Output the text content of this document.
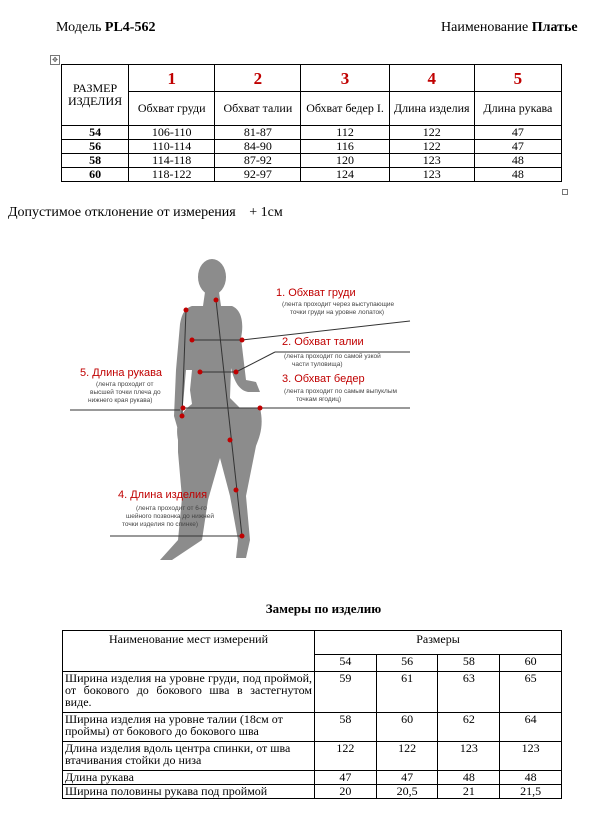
Модель PL4-562	Наименование Платье
✥
РАЗМЕР ИЗДЕЛИЯ	1	2	3	4	5
	Обхват груди	Обхват талии	Обхват бедер I.	Длина изделия	Длина рукава
54	106-110	81-87	112	122	47
56	110-114	84-90	116	122	47
58	114-118	87-92	120	123	48
60	118-122	92-97	124	123	48
Допустимое отклонение от измерения + 1см
1. Обхват груди
(лента проходит через выступающие
точки груди на уровне лопаток)
2. Обхват талии
(лента проходит по самой узкой
части туловища)
3. Обхват бедер
(лента проходит по самым выпуклым
точкам ягодиц)
5. Длина рукава
(лента проходит от
высшей точки плеча до
нижнего края рукава)
4. Длина изделия
(лента проходит от 6-го
шейного позвонка до нижней
точки изделия по спинке)
Замеры по изделию
Наименование мест измерений	Размеры			
	54	56	58	60
Ширина изделия на уровне груди, под проймой, от бокового до бокового шва в застегнутом виде.	59	61	63	65
Ширина изделия на уровне талии (18см от проймы) от бокового до бокового шва	58	60	62	64
Длина изделия вдоль центра спинки, от шва втачивания стойки до низа	122	122	123	123
Длина рукава	47	47	48	48
Ширина половины рукава под проймой	20	20,5	21	21,5
